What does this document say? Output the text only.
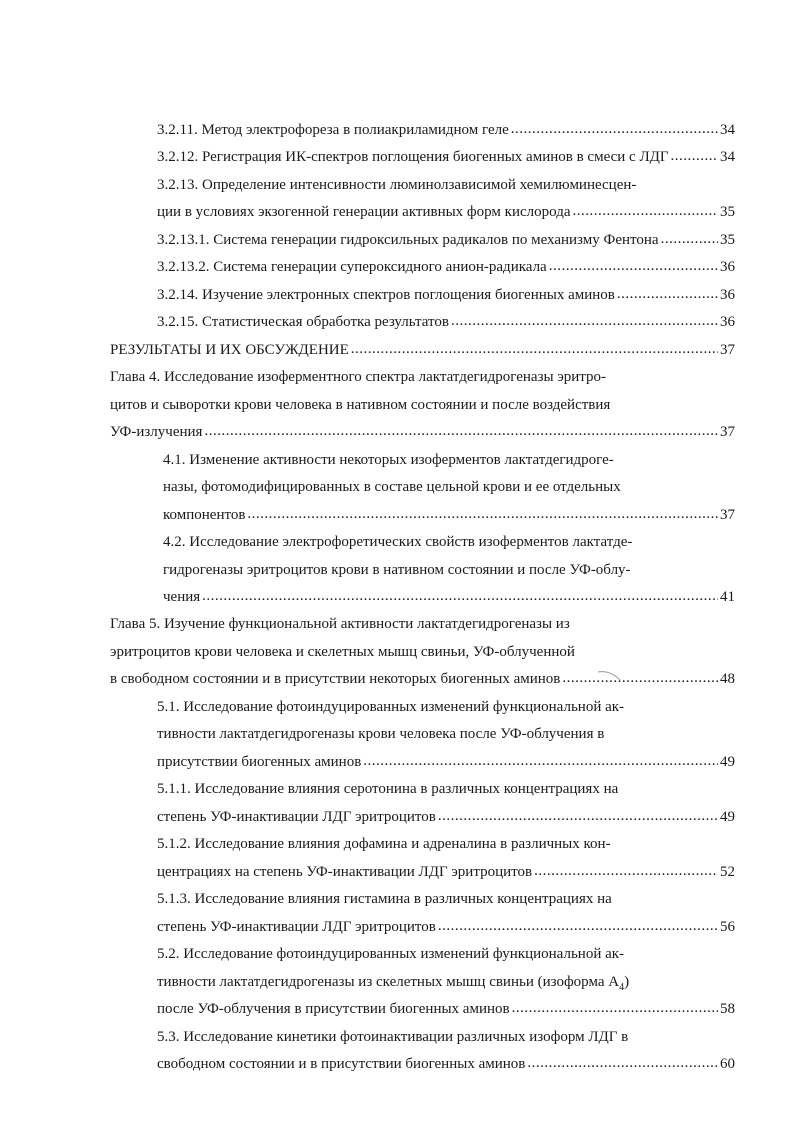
3.2.11. Метод электрофореза в полиакриламидном геле .....	34
3.2.12. Регистрация ИК-спектров поглощения биогенных аминов в смеси с ЛДГ .....	34
3.2.13. Определение интенсивности люминолзависимой хемилюминесцен-
ции в условиях экзогенной генерации активных форм кислорода .....	35
3.2.13.1. Система генерации гидроксильных радикалов по механизму Фентона .....	35
3.2.13.2. Система генерации супероксидного анион-радикала .....	36
3.2.14. Изучение электронных спектров поглощения биогенных аминов .....	36
3.2.15. Статистическая обработка результатов .....	36
РЕЗУЛЬТАТЫ И ИХ ОБСУЖДЕНИЕ .....	37
Глава 4. Исследование изоферментного спектра лактатдегидрогеназы эритро-
цитов и сыворотки крови человека в нативном состоянии и после воздействия
УФ-излучения .....	37
4.1. Изменение активности некоторых изоферментов лактатдегидроге-
назы, фотомодифицированных в составе цельной крови и ее отдельных
компонентов .....	37
4.2. Исследование электрофоретических свойств изоферментов лактатде-
гидрогеназы эритроцитов крови в нативном состоянии и после УФ-облу-
чения .....	41
Глава 5. Изучение функциональной активности лактатдегидрогеназы из
эритроцитов крови человека и скелетных мышц свиньи, УФ-облученной
в свободном состоянии и в присутствии некоторых биогенных аминов .....	48
5.1. Исследование фотоиндуцированных изменений функциональной ак-
тивности лактатдегидрогеназы крови человека после УФ-облучения в
присутствии биогенных аминов .....	49
5.1.1. Исследование влияния серотонина в различных концентрациях на
степень УФ-инактивации ЛДГ эритроцитов .....	49
5.1.2. Исследование влияния дофамина и адреналина в различных кон-
центрациях на степень УФ-инактивации ЛДГ эритроцитов .....	52
5.1.3. Исследование влияния гистамина в различных концентрациях на
степень УФ-инактивации ЛДГ эритроцитов .....	56
5.2. Исследование фотоиндуцированных изменений функциональной ак-
тивности лактатдегидрогеназы из скелетных мышц свиньи (изоформа $A_4$)
после УФ-облучения в присутствии биогенных аминов .....	58
5.3. Исследование кинетики фотоинактивации различных изоформ ЛДГ в
свободном состоянии и в присутствии биогенных аминов .....	60
